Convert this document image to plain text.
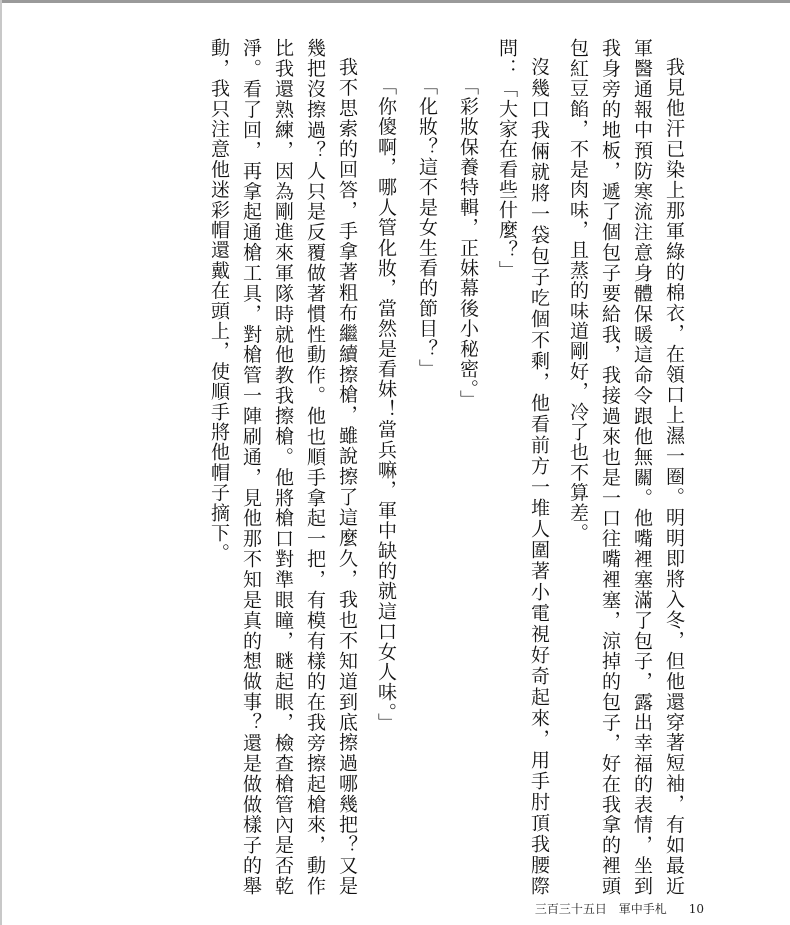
我見他汗已染上那軍綠的棉衣，在領口上濕一圈。明明即將入冬，但他還穿著短袖，有如最近軍醫通報中預防寒流注意身體保暖這命令跟他無關。他嘴裡塞滿了包子，露出幸福的表情，坐到我身旁的地板，遞了個包子要給我，我接過來也是一口往嘴裡塞，涼掉的包子，好在我拿的裡頭包紅豆餡，不是肉味，且蒸的味道剛好，冷了也不算差。

沒幾口我倆就將一袋包子吃個不剩，他看前方一堆人圍著小電視好奇起來，用手肘頂我腰際問：「大家在看些什麼？」

「彩妝保養特輯，正妹幕後小秘密。」

「化妝？這不是女生看的節目？」

「你傻啊，哪人管化妝，當然是看妹！當兵嘛，軍中缺的就這口女人味。」

我不思索的回答，手拿著粗布繼續擦槍，雖說擦了這麼久，我也不知道到底擦過哪幾把？又是幾把沒擦過？人只是反覆做著慣性動作。他也順手拿起一把，有模有樣的在我旁擦起槍來，動作比我還熟練，因為剛進來軍隊時就他教我擦槍。他將槍口對準眼瞳，瞇起眼，檢查槍管內是否乾淨。看了回，再拿起通槍工具，對槍管一陣刷通，見他那不知是真的想做事？還是做做樣子的舉動，我只注意他迷彩帽還戴在頭上，使順手將他帽子摘下。

三百三十五日 軍中手札 10
